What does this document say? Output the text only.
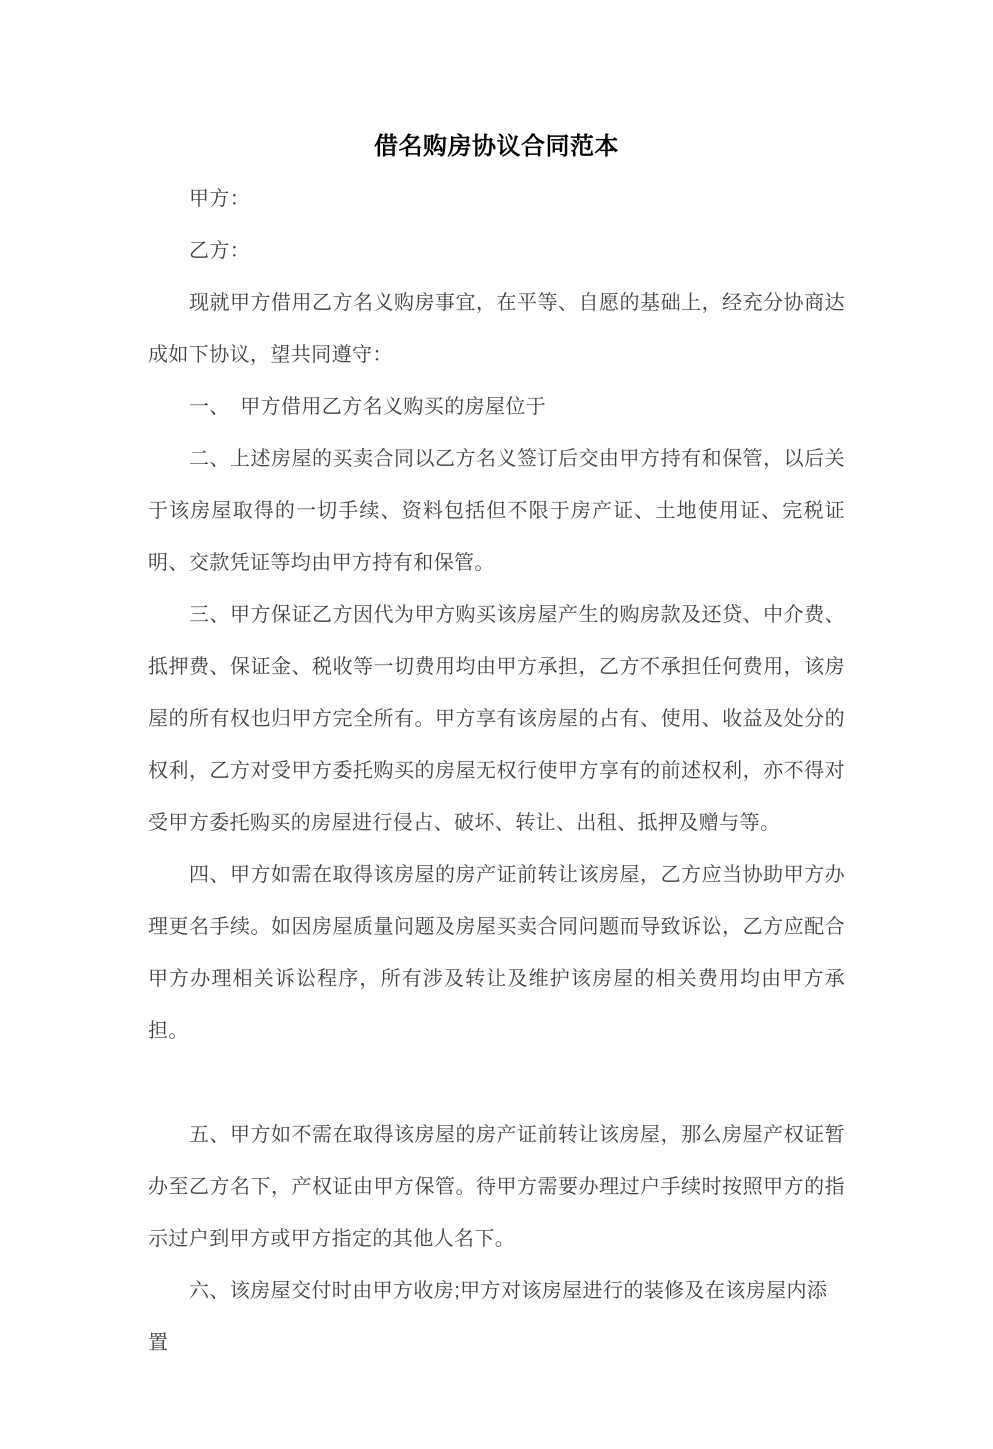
借名购房协议合同范本

甲方：

乙方：

现就甲方借用乙方名义购房事宜，在平等、自愿的基础上，经充分协商达成如下协议，望共同遵守：

一、　甲方借用乙方名义购买的房屋位于

二、上述房屋的买卖合同以乙方名义签订后交由甲方持有和保管，以后关于该房屋取得的一切手续、资料包括但不限于房产证、土地使用证、完税证明、交款凭证等均由甲方持有和保管。

三、甲方保证乙方因代为甲方购买该房屋产生的购房款及还贷、中介费、抵押费、保证金、税收等一切费用均由甲方承担，乙方不承担任何费用，该房屋的所有权也归甲方完全所有。甲方享有该房屋的占有、使用、收益及处分的权利，乙方对受甲方委托购买的房屋无权行使甲方享有的前述权利，亦不得对受甲方委托购买的房屋进行侵占、破坏、转让、出租、抵押及赠与等。

四、甲方如需在取得该房屋的房产证前转让该房屋，乙方应当协助甲方办理更名手续。如因房屋质量问题及房屋买卖合同问题而导致诉讼，乙方应配合甲方办理相关诉讼程序，所有涉及转让及维护该房屋的相关费用均由甲方承担。

五、甲方如不需在取得该房屋的房产证前转让该房屋，那么房屋产权证暂办至乙方名下，产权证由甲方保管。待甲方需要办理过户手续时按照甲方的指示过户到甲方或甲方指定的其他人名下。

六、该房屋交付时由甲方收房;甲方对该房屋进行的装修及在该房屋内添置
